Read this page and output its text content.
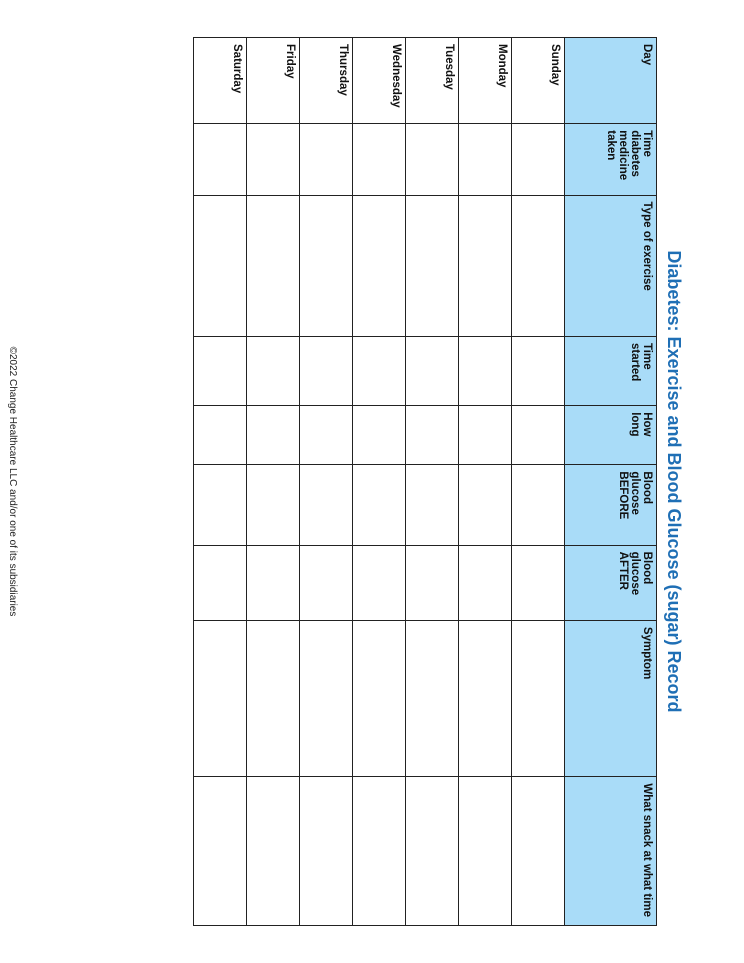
Diabetes: Exercise and Blood Glucose (sugar) Record
Day	Time diabetes medicine taken	Type of exercise	Time started	How long	Blood glucose BEFORE	Blood glucose AFTER	Symptom	What snack at what time
Sunday								
Monday								
Tuesday								
Wednesday								
Thursday								
Friday								
Saturday								
©2022 Change Healthcare LLC and/or one of its subsidiaries
